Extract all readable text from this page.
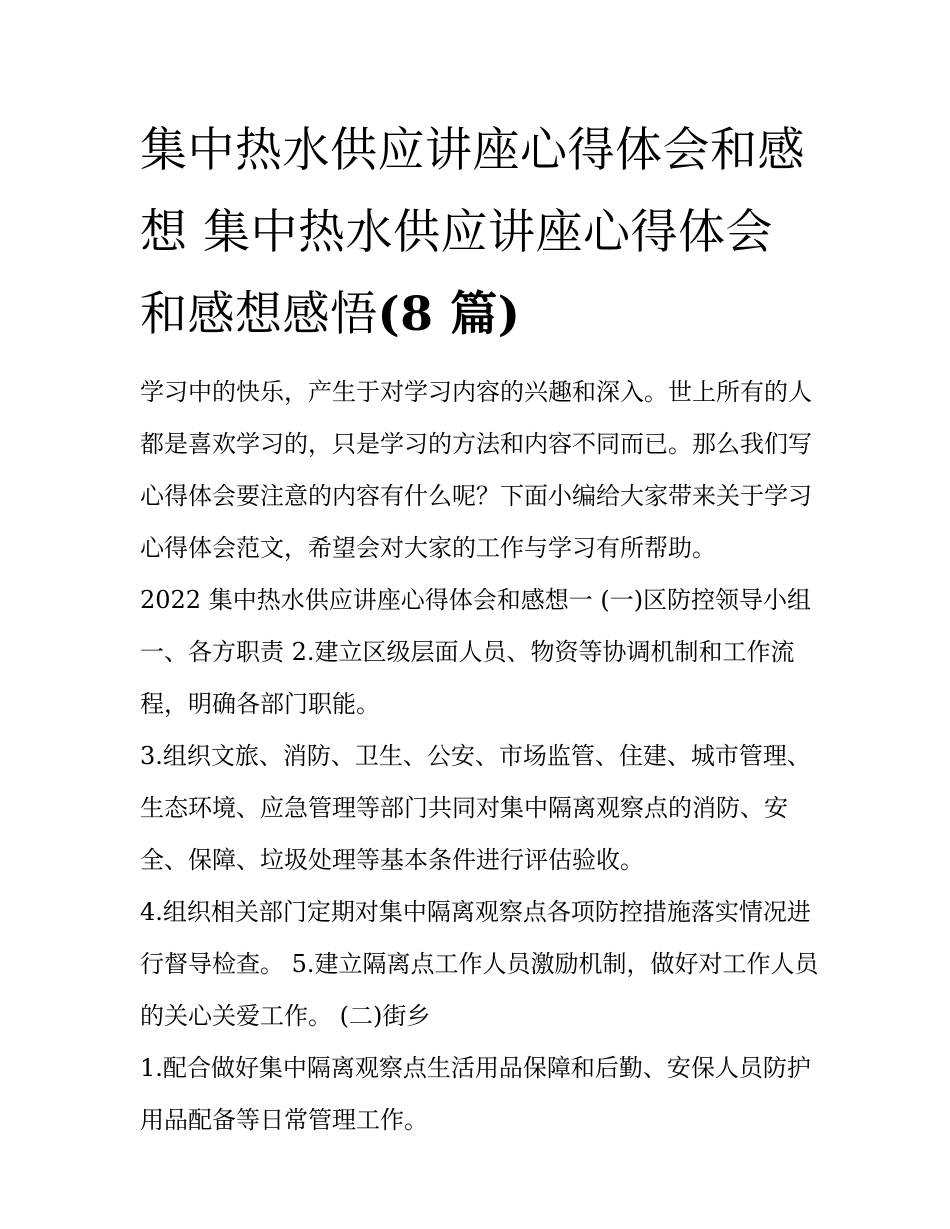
集中热水供应讲座心得体会和感想 集中热水供应讲座心得体会和感想感悟(8 篇)

学习中的快乐，产生于对学习内容的兴趣和深入。世上所有的人都是喜欢学习的，只是学习的方法和内容不同而已。那么我们写心得体会要注意的内容有什么呢？下面小编给大家带来关于学习心得体会范文，希望会对大家的工作与学习有所帮助。

2022 集中热水供应讲座心得体会和感想一 (一)区防控领导小组 一、各方职责 2.建立区级层面人员、物资等协调机制和工作流程，明确各部门职能。

3.组织文旅、消防、卫生、公安、市场监管、住建、城市管理、生态环境、应急管理等部门共同对集中隔离观察点的消防、安全、保障、垃圾处理等基本条件进行评估验收。

4.组织相关部门定期对集中隔离观察点各项防控措施落实情况进行督导检查。 5.建立隔离点工作人员激励机制，做好对工作人员的关心关爱工作。 (二)街乡

1.配合做好集中隔离观察点生活用品保障和后勤、安保人员防护用品配备等日常管理工作。
